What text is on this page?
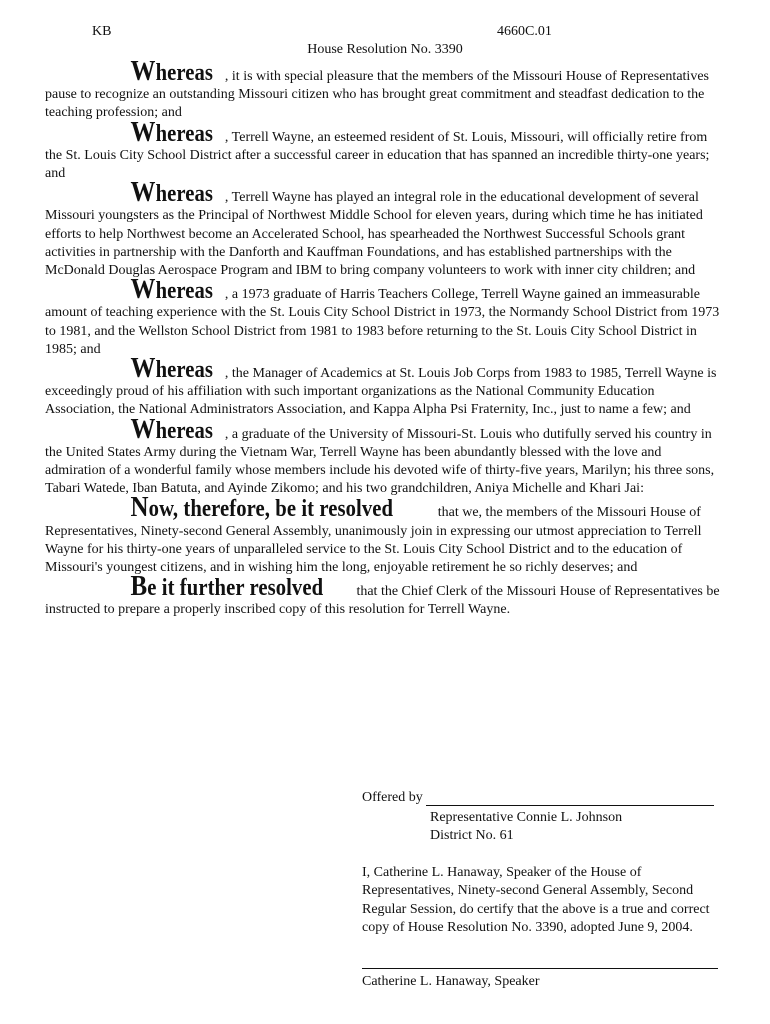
KB	4660C.01
House Resolution No. 3390

Whereas , it is with special pleasure that the members of the Missouri House of Representatives pause to recognize an outstanding Missouri citizen who has brought great commitment and steadfast dedication to the teaching profession; and

Whereas , Terrell Wayne, an esteemed resident of St. Louis, Missouri, will officially retire from the St. Louis City School District after a successful career in education that has spanned an incredible thirty-one years; and

Whereas , Terrell Wayne has played an integral role in the educational development of several Missouri youngsters as the Principal of Northwest Middle School for eleven years, during which time he has initiated efforts to help Northwest become an Accelerated School, has spearheaded the Northwest Successful Schools grant activities in partnership with the Danforth and Kauffman Foundations, and has established partnerships with the McDonald Douglas Aerospace Program and IBM to bring company volunteers to work with inner city children; and

Whereas , a 1973 graduate of Harris Teachers College, Terrell Wayne gained an immeasurable amount of teaching experience with the St. Louis City School District in 1973, the Normandy School District from 1973 to 1981, and the Wellston School District from 1981 to 1983 before returning to the St. Louis City School District in 1985; and

Whereas , the Manager of Academics at St. Louis Job Corps from 1983 to 1985, Terrell Wayne is exceedingly proud of his affiliation with such important organizations as the National Community Education Association, the National Administrators Association, and Kappa Alpha Psi Fraternity, Inc., just to name a few; and

Whereas , a graduate of the University of Missouri-St. Louis who dutifully served his country in the United States Army during the Vietnam War, Terrell Wayne has been abundantly blessed with the love and admiration of a wonderful family whose members include his devoted wife of thirty-five years, Marilyn; his three sons, Tabari Watede, Iban Batuta, and Ayinde Zikomo; and his two grandchildren, Aniya Michelle and Khari Jai:

Now, therefore, be it resolved	that we, the members of the Missouri House of Representatives, Ninety-second General Assembly, unanimously join in expressing our utmost appreciation to Terrell Wayne for his thirty-one years of unparalleled service to the St. Louis City School District and to the education of Missouri's youngest citizens, and in wishing him the long, enjoyable retirement he so richly deserves; and

Be it further resolved that the Chief Clerk of the Missouri House of Representatives be instructed to prepare a properly inscribed copy of this resolution for Terrell Wayne.

Offered by
Representative Connie L. Johnson
District No. 61

I, Catherine L. Hanaway, Speaker of the House of Representatives, Ninety-second General Assembly, Second Regular Session, do certify that the above is a true and correct copy of House Resolution No. 3390, adopted June 9, 2004.

Catherine L. Hanaway, Speaker
